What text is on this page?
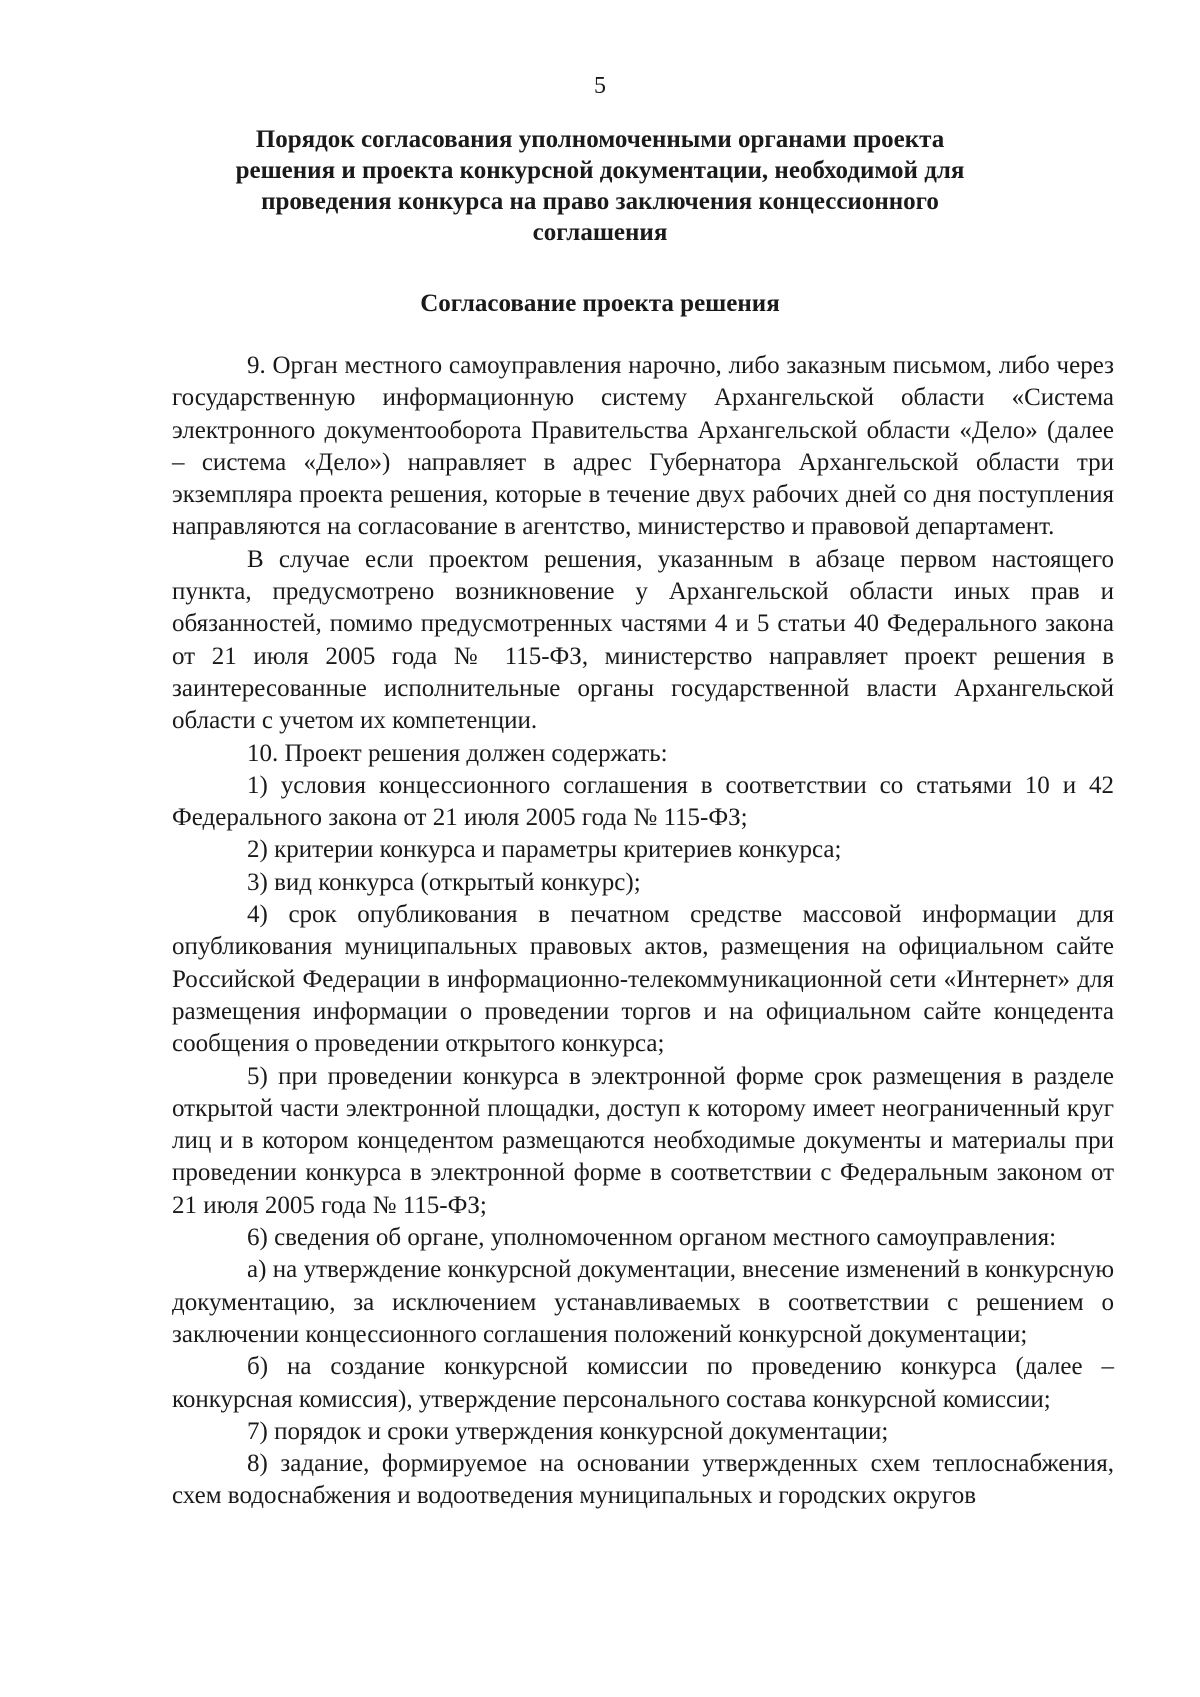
5
Порядок согласования уполномоченными органами проекта решения и проекта конкурсной документации, необходимой для проведения конкурса на право заключения концессионного соглашения
Согласование проекта решения

9. Орган местного самоуправления нарочно, либо заказным письмом, либо через государственную информационную систему Архангельской области «Система электронного документооборота Правительства Архангельской области «Дело» (далее – система «Дело») направляет в адрес Губернатора Архангельской области три экземпляра проекта решения, которые в течение двух рабочих дней со дня поступления направляются на согласование в агентство, министерство и правовой департамент.

В случае если проектом решения, указанным в абзаце первом настоящего пункта, предусмотрено возникновение у Архангельской области иных прав и обязанностей, помимо предусмотренных частями 4 и 5 статьи 40 Федерального закона от 21 июля 2005 года № 115-ФЗ, министерство направляет проект решения в заинтересованные исполнительные органы государственной власти Архангельской области с учетом их компетенции.

10. Проект решения должен содержать:

1) условия концессионного соглашения в соответствии со статьями 10 и 42 Федерального закона от 21 июля 2005 года № 115-ФЗ;

2) критерии конкурса и параметры критериев конкурса;

3) вид конкурса (открытый конкурс);

4) срок опубликования в печатном средстве массовой информации для опубликования муниципальных правовых актов, размещения на официальном сайте Российской Федерации в информационно-телекоммуникационной сети «Интернет» для размещения информации о проведении торгов и на официальном сайте концедента сообщения о проведении открытого конкурса;

5) при проведении конкурса в электронной форме срок размещения в разделе открытой части электронной площадки, доступ к которому имеет неограниченный круг лиц и в котором концедентом размещаются необходимые документы и материалы при проведении конкурса в электронной форме в соответствии с Федеральным законом от 21 июля 2005 года № 115-ФЗ;

6) сведения об органе, уполномоченном органом местного самоуправления:

а) на утверждение конкурсной документации, внесение изменений в конкурсную документацию, за исключением устанавливаемых в соответствии с решением о заключении концессионного соглашения положений конкурсной документации;

б) на создание конкурсной комиссии по проведению конкурса (далее – конкурсная комиссия), утверждение персонального состава конкурсной комиссии;

7) порядок и сроки утверждения конкурсной документации;

8) задание, формируемое на основании утвержденных схем теплоснабжения, схем водоснабжения и водоотведения муниципальных и городских округов
